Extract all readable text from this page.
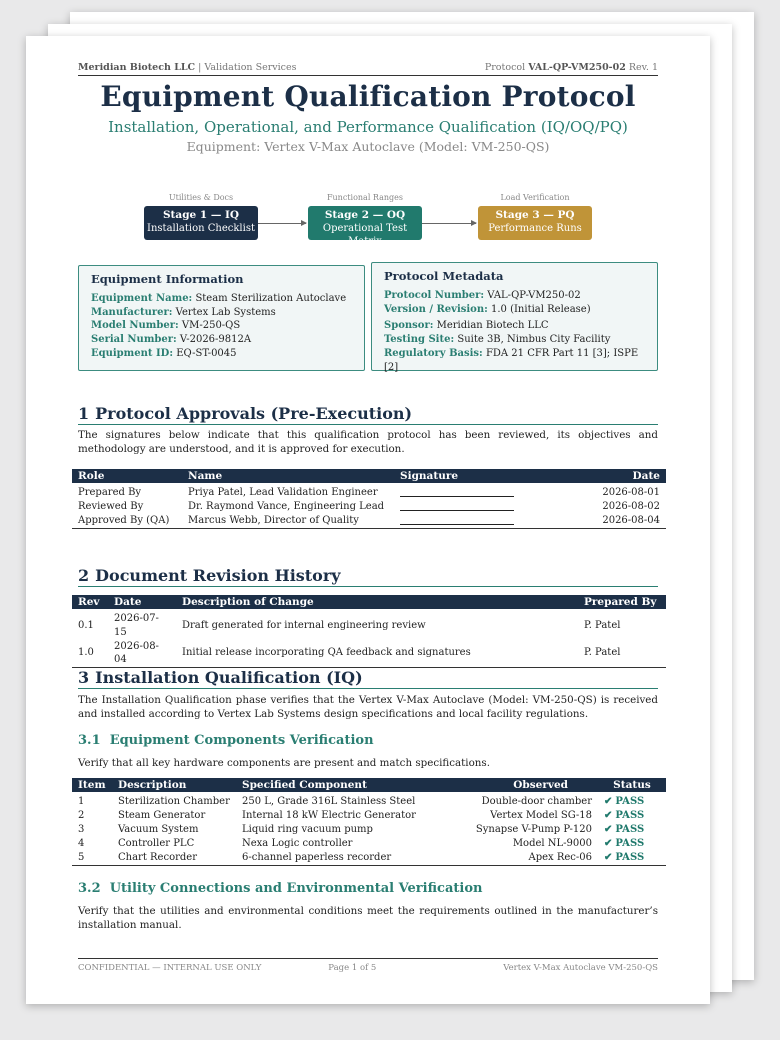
Meridian Biotech LLC | Validation Services	Protocol VAL-QP-VM250-02 Rev. 1
Equipment Qualification Protocol
Installation, Operational, and Performance Qualification (IQ/OQ/PQ)
Equipment: Vertex V-Max Autoclave (Model: VM-250-QS)
Utilities & Docs
Stage 1 — IQ
Installation Checklist
Functional Ranges
Stage 2 — OQ
Operational Test Matrix
Load Verification
Stage 3 — PQ
Performance Runs
Equipment Information
Equipment Name: Steam Sterilization Autoclave
Manufacturer: Vertex Lab Systems
Model Number: VM-250-QS
Serial Number: V-2026-9812A
Equipment ID: EQ-ST-0045
Protocol Metadata
Protocol Number: VAL-QP-VM250-02
Version / Revision: 1.0 (Initial Release)
Sponsor: Meridian Biotech LLC
Testing Site: Suite 3B, Nimbus City Facility
Regulatory Basis: FDA 21 CFR Part 11 [3]; ISPE [2]
1 Protocol Approvals (Pre-Execution)
The signatures below indicate that this qualification protocol has been reviewed, its objectives and methodology are understood, and it is approved for execution.
Role	Name	Signature	Date
Prepared By	Priya Patel, Lead Validation Engineer		2026-08-01
Reviewed By	Dr. Raymond Vance, Engineering Lead		2026-08-02
Approved By (QA)	Marcus Webb, Director of Quality		2026-08-04
2 Document Revision History
Rev	Date	Description of Change	Prepared By
0.1	2026-07-15	Draft generated for internal engineering review	P. Patel
1.0	2026-08-04	Initial release incorporating QA feedback and signatures	P. Patel
3 Installation Qualification (IQ)
The Installation Qualification phase verifies that the Vertex V-Max Autoclave (Model: VM-250-QS) is received and installed according to Vertex Lab Systems design specifications and local facility regulations.
3.1 Equipment Components Verification
Verify that all key hardware components are present and match specifications.
Item	Description	Specified Component	Observed	Status
1	Sterilization Chamber	250 L, Grade 316L Stainless Steel	Double-door chamber	✔ PASS
2	Steam Generator	Internal 18 kW Electric Generator	Vertex Model SG-18	✔ PASS
3	Vacuum System	Liquid ring vacuum pump	Synapse V-Pump P-120	✔ PASS
4	Controller PLC	Nexa Logic controller	Model NL-9000	✔ PASS
5	Chart Recorder	6-channel paperless recorder	Apex Rec-06	✔ PASS
3.2 Utility Connections and Environmental Verification
Verify that the utilities and environmental conditions meet the requirements outlined in the manufacturer’s installation manual.
CONFIDENTIAL — INTERNAL USE ONLY	Page 1 of 5	Vertex V-Max Autoclave VM-250-QS
